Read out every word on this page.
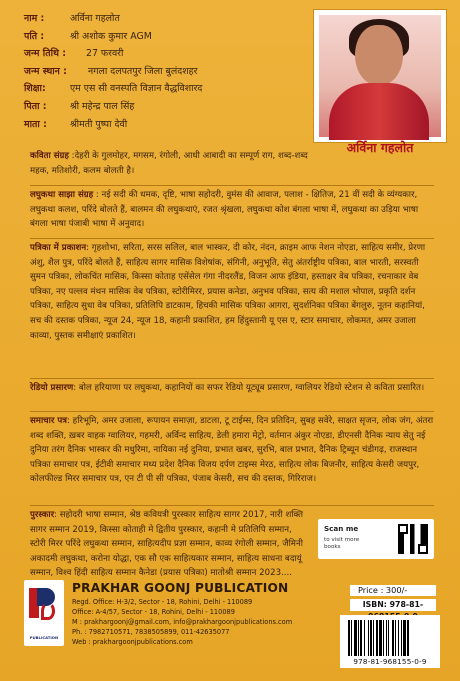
नाम :	अर्विना गहलोत
पति :	श्री अशोक कुमार AGM
जन्म तिथि :	27 फरवरी
जन्म स्थान :	नगला दलपतपुर जिला बुलंदशहर
शिक्षा:	एम एस सी वनस्पति विज्ञान वैद्धविशारद
पिता :	श्री महेन्द्र पाल सिंह
माता :	श्रीमती पुष्पा देवी
अर्विना गहलोत
कविता संग्रह :देहरी के गुलमोहर, मगसम, रंगोली, आधी आबादी का सम्पूर्ण राग, शब्द-शब्द महक, मतिशोरी, कलम बोलती है।
लघुकथा साझा संग्रह : नई सदी की धमक, दृष्टि, भाषा सहोदरी, वुमंस की आवाज, पलाश - क्षितिज, 21 वीं सदी के व्यंग्यकार, लघुकथा कलश, परिंदे बोलते हैं, बालमन की लघुकथाएं, रजत श्रृंखला, लघुकथा कोश बंगला भाषा में, लघुकथा का उड़िया भाषा बंगला भाषा पंजाबी भाषा में अनुवाद।
पत्रिका में प्रकाशन: गृहशोभा, सरिता, सरस सलिल, बाल भास्कर, दी कोर, नंदन, क्राइम आफ नेशन नोएडा, साहित्य समीर, प्रेरणा अंशु, शैल पुत्र, परिंदे बोलते हैं, साहित्य सागर मासिक विशेषांक, संगिनी, अनुभूति, सेतु अंतर्राष्ट्रीय पत्रिका, बाल भारती, सरस्वती सुमन पत्रिका, लोकचिंत मासिक, किस्सा कोताह एसेंसेल गंगा नीदरलैंड, विजन आफ इंडिया, हस्ताक्षर वेब पत्रिका, रचनाकार वेब पत्रिका, नए पल्लव मंथन मासिक वेब पत्रिका, स्टोरीमिरर, प्रयास कनेडा, अनुभव पत्रिका, सत्य की मशाल भोपाल, प्रकृति दर्शन पत्रिका, साहित्य सुधा वेब पत्रिका, प्रतिलिपि डाटकाम, हिचकी मासिक पत्रिका आगरा, सुदर्शनिका पत्रिका बेंगलुरु, नूतन कहानियां, सच की दस्तक पत्रिका, न्यूज 24, न्यूज 18, कहानी प्रकाशित, हम हिंदुस्तानी यू एस ए, स्टार समाचार, लोकमत, अमर उजाला काव्या, पुस्तक समीक्षाएं प्रकाशित।
रेडियो प्रसारण: बोल हरियाणा पर लघुकथा, कहानियों का सफर रेडियो यूट्यूब प्रसारण, ग्वालियर रेडियो स्टेशन से कविता प्रसारित।
समाचार पत्र: हरिभूमि, अमर उजाला, रूपायन समाज़ा, डाटला, टू टाईम्स, दिन प्रतिदिन, सुबह सवेरे, साक्षत सृजन, लोक जंग, अंतरा शब्द शक्ति, ख़बर वाहक ग्वालियर, गहमरी, अर्विन्द साहित्य, डेली हमारा मेट्रो, वर्तमान अंकुर नोएडा, डीएनसी दैनिक न्याय सेतु नई दुनिया तरंग दैनिक भास्कर की मधुरिमा, नायिका नई दुनिया, प्रभात खबर, सुरभि, बाल प्रभात, दैनिक ट्रिब्यून चंडीगढ़, राजस्थान पत्रिका समाचार पत्र, ईटीवी समाचार मध्य प्रदेश दैनिक विजय दर्पण टाइम्स मेरठ, साहित्य लोक बिजनौर, साहित्य केसरी जयपुर, कोलफील्ड मिरर समाचार पत्र, एन टी पी सी पत्रिका, पंजाब केसरी, सच की दस्तक, गिरिराज।
पुरस्कार: सहोदरी भाषा सम्मान, श्रेष्ठ कवियत्री पुरस्कार साहित्य सागर 2017, नारी शक्ति सागर सम्मान 2019, किस्सा कोताही मे द्वितीय पुरस्कार, कहानी मे प्रतिलिपि सम्मान, स्टोरी मिरर परिंदे लघुकथा सम्मान, साहित्यदीप प्रज्ञा सम्मान, काव्य रंगोली सम्मान, जैमिनी अकादमी लघुकथा, करोना योद्धा, एक सौ एक साहित्यकार सम्मान, साहित्य साधना बदायूं सम्मान, विश्व हिंदी साहित्य सम्मान कैनेडा (प्रयास पत्रिका) मातोश्री सम्मान 2023....
Scan me
to visit more books
PUBLICATION
PRAKHAR GOONJ PUBLICATION
Regd. Office: H-3/2, Sector - 18, Rohini, Delhi - 110089
Office: A-4/57, Sector - 18, Rohini, Delhi - 110089
M : prakhargoonj@gmail.com, info@prakhargoonjpublications.com
Ph. : 7982710571, 7838505899, 011-42635077
Web : prakhargoonjpublications.com
Price : 300/-
ISBN: 978-81-
978-81-968155-0-9
